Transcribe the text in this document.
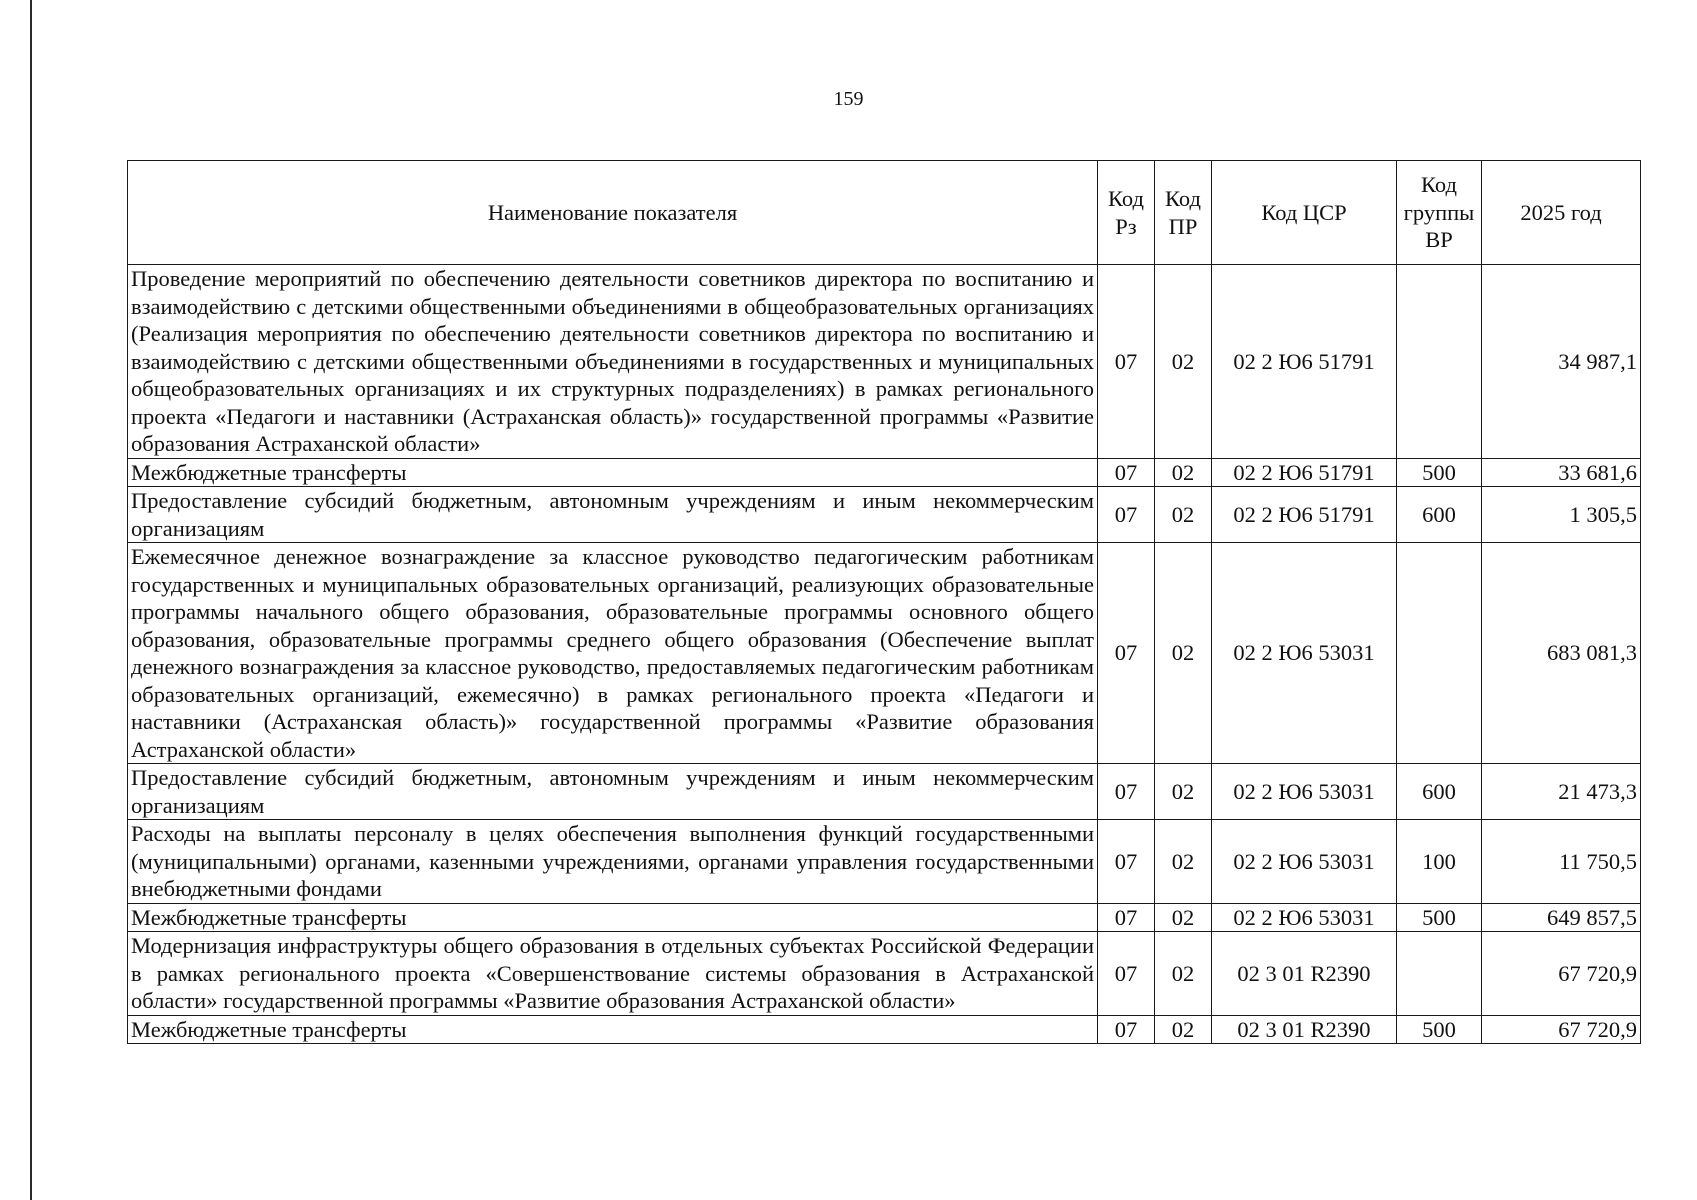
159
Наименование показателя	Код Рз	Код ПР	Код ЦСР	Код группы ВР	2025 год
Проведение мероприятий по обеспечению деятельности советников директора по воспитанию и взаимодействию с детскими общественными объединениями в общеобразовательных организациях (Реализация мероприятия по обеспечению деятельности советников директора по воспитанию и взаимодействию с детскими общественными объединениями в государственных и муниципальных общеобразовательных организациях и их структурных подразделениях) в рамках регионального проекта «Педагоги и наставники (Астраханская область)» государственной программы «Развитие образования Астраханской области»	07	02	02 2 Ю6 51791		34 987,1
Межбюджетные трансферты	07	02	02 2 Ю6 51791	500	33 681,6
Предоставление субсидий бюджетным, автономным учреждениям и иным некоммерческим организациям	07	02	02 2 Ю6 51791	600	1 305,5
Ежемесячное денежное вознаграждение за классное руководство педагогическим работникам государственных и муниципальных образовательных организаций, реализующих образовательные программы начального общего образования, образовательные программы основного общего образования, образовательные программы среднего общего образования (Обеспечение выплат денежного вознаграждения за классное руководство, предоставляемых педагогическим работникам образовательных организаций, ежемесячно) в рамках регионального проекта «Педагоги и наставники (Астраханская область)» государственной программы «Развитие образования Астраханской области»	07	02	02 2 Ю6 53031		683 081,3
Предоставление субсидий бюджетным, автономным учреждениям и иным некоммерческим организациям	07	02	02 2 Ю6 53031	600	21 473,3
Расходы на выплаты персоналу в целях обеспечения выполнения функций государственными (муниципальными) органами, казенными учреждениями, органами управления государственными внебюджетными фондами	07	02	02 2 Ю6 53031	100	11 750,5
Межбюджетные трансферты	07	02	02 2 Ю6 53031	500	649 857,5
Модернизация инфраструктуры общего образования в отдельных субъектах Российской Федерации в рамках регионального проекта «Совершенствование системы образования в Астраханской области» государственной программы «Развитие образования Астраханской области»	07	02	02 3 01 R2390		67 720,9
Межбюджетные трансферты	07	02	02 3 01 R2390	500	67 720,9
